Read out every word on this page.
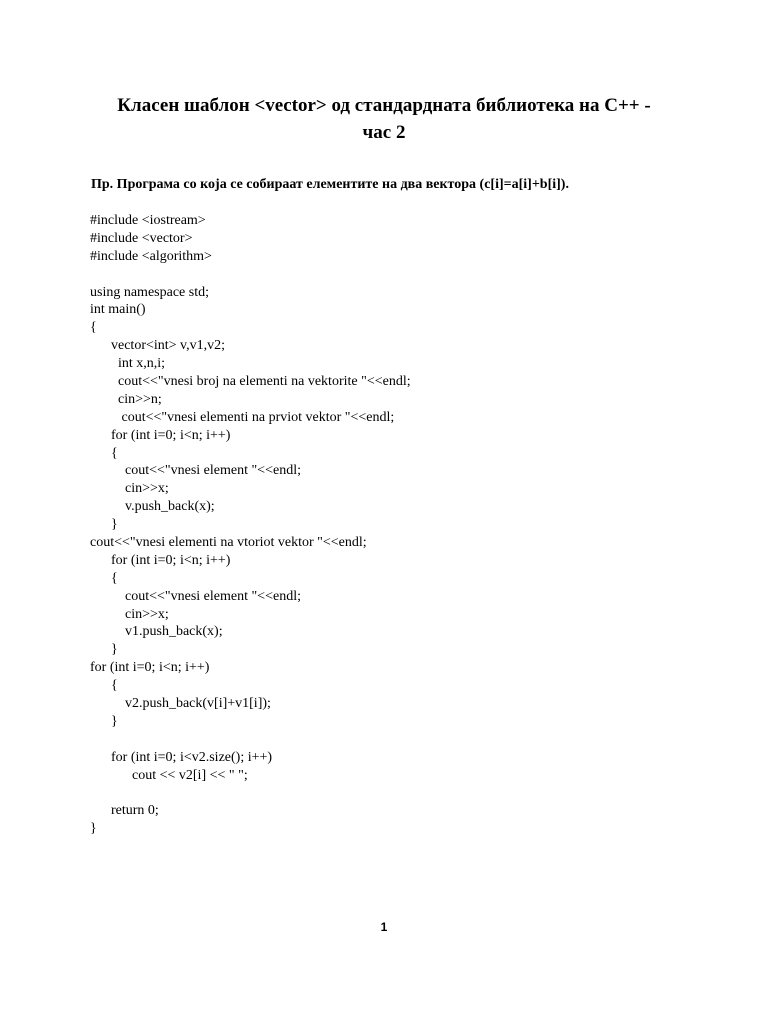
Класен шаблон <vector> од стандардната библиотека на C++ -
час 2
Пр. Програма со која се собираат елементите на два вектора (c[i]=a[i]+b[i]).
#include <iostream>
#include <vector>
#include <algorithm>
using namespace std;
int main()
{
vector<int> v,v1,v2;
int x,n,i;
cout<<"vnesi broj na elementi na vektorite "<<endl;
cin>>n;
cout<<"vnesi elementi na prviot vektor "<<endl;
for (int i=0; i<n; i++)
{
cout<<"vnesi element "<<endl;
cin>>x;
v.push_back(x);
}
cout<<"vnesi elementi na vtoriot vektor "<<endl;
for (int i=0; i<n; i++)
{
cout<<"vnesi element "<<endl;
cin>>x;
v1.push_back(x);
}
for (int i=0; i<n; i++)
{
v2.push_back(v[i]+v1[i]);
}
for (int i=0; i<v2.size(); i++)
cout << v2[i] << " ";
return 0;
}
1
